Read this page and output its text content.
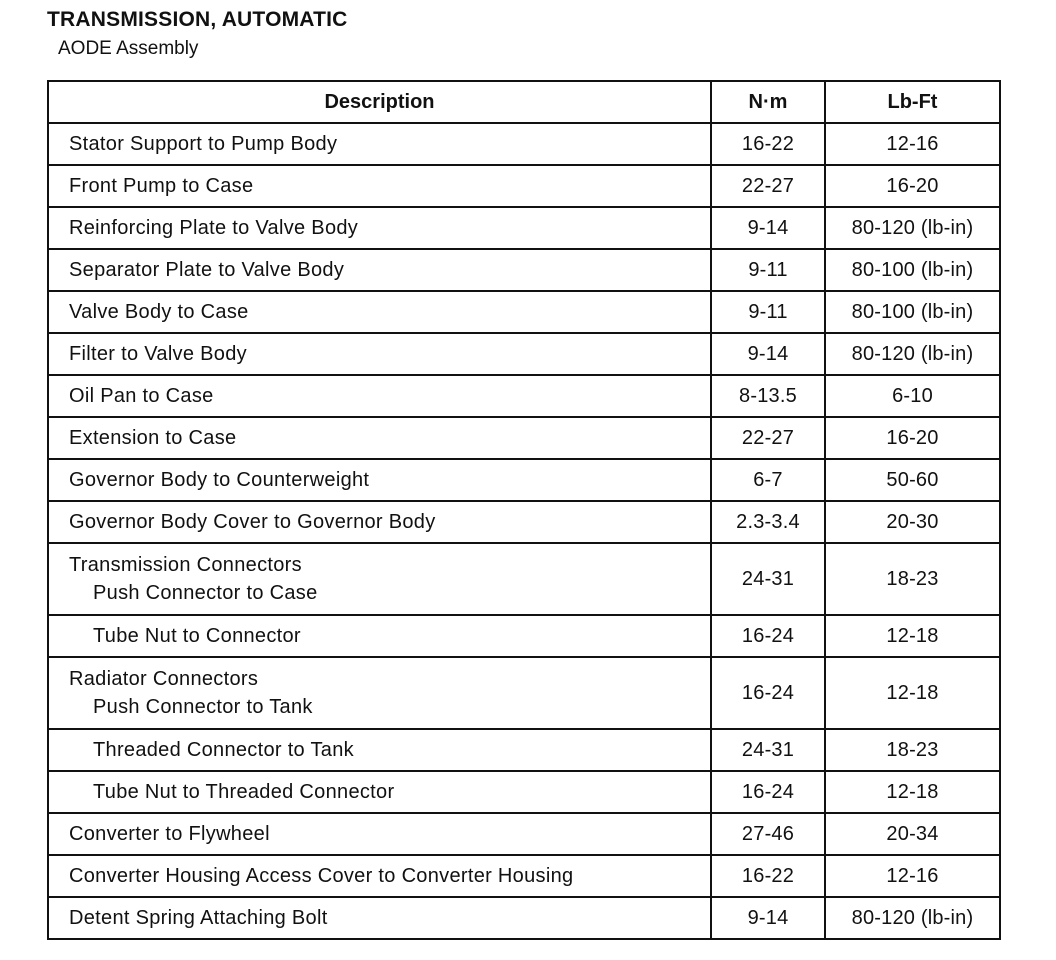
TRANSMISSION, AUTOMATIC
AODE Assembly
Description	N·m	Lb-Ft
Stator Support to Pump Body	16-22	12-16
Front Pump to Case	22-27	16-20
Reinforcing Plate to Valve Body	9-14	80-120 (lb-in)
Separator Plate to Valve Body	9-11	80-100 (lb-in)
Valve Body to Case	9-11	80-100 (lb-in)
Filter to Valve Body	9-14	80-120 (lb-in)
Oil Pan to Case	8-13.5	6-10
Extension to Case	22-27	16-20
Governor Body to Counterweight	6-7	50-60
Governor Body Cover to Governor Body	2.3-3.4	20-30

Transmission Connectors
Push Connector to Case	24-31	18-23
Tube Nut to Connector	16-24	12-18

Radiator Connectors
Push Connector to Tank	16-24	12-18
Threaded Connector to Tank	24-31	18-23
Tube Nut to Threaded Connector	16-24	12-18
Converter to Flywheel	27-46	20-34
Converter Housing Access Cover to Converter Housing	16-22	12-16
Detent Spring Attaching Bolt	9-14	80-120 (lb-in)
